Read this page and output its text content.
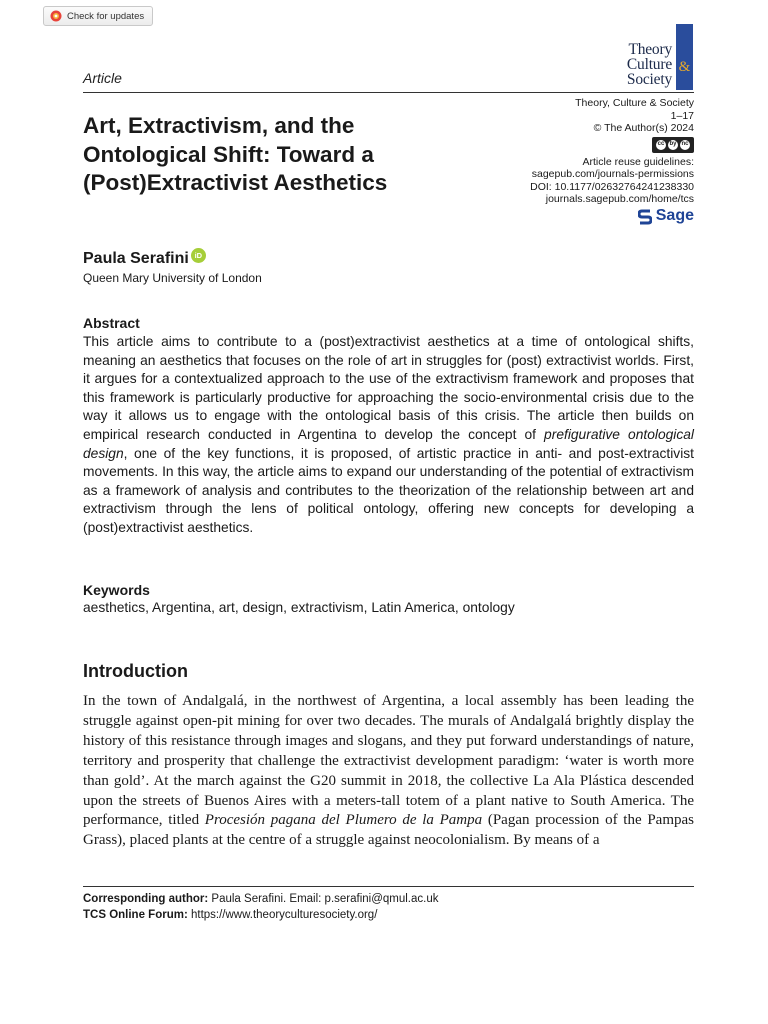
Check for updates
Theory
Culture &
Society
Article
Art, Extractivism, and the Ontological Shift: Toward a (Post)Extractivist Aesthetics
Theory, Culture & Society
1–17
© The Author(s) 2024
cc by nc
Article reuse guidelines:
sagepub.com/journals-permissions
DOI: 10.1177/02632764241238330
journals.sagepub.com/home/tcs
Sage
Paula Serafini iD
Queen Mary University of London
Abstract

This article aims to contribute to a (post)extractivist aesthetics at a time of ontological shifts, meaning an aesthetics that focuses on the role of art in struggles for (post) extractivist worlds. First, it argues for a contextualized approach to the use of the extractivism framework and proposes that this framework is particularly productive for approaching the socio-environmental crisis due to the way it allows us to engage with the ontological basis of this crisis. The article then builds on empirical research conducted in Argentina to develop the concept of prefigurative ontological design, one of the key functions, it is proposed, of artistic practice in anti- and post-extractivist movements. In this way, the article aims to expand our understanding of the potential of extractivism as a framework of analysis and contributes to the theorization of the relationship between art and extractivism through the lens of political ontology, offering new concepts for developing a (post)extractivist aesthetics.

Keywords
aesthetics, Argentina, art, design, extractivism, Latin America, ontology
Introduction

In the town of Andalgalá, in the northwest of Argentina, a local assembly has been leading the struggle against open-pit mining for over two decades. The murals of Andalgalá brightly display the history of this resistance through images and slogans, and they put forward understandings of nature, territory and prosperity that challenge the extractivist development paradigm: ‘water is worth more than gold’. At the march against the G20 summit in 2018, the collective La Ala Plástica descended upon the streets of Buenos Aires with a meters-tall totem of a plant native to South America. The performance, titled Procesión pagana del Plumero de la Pampa (Pagan procession of the Pampas Grass), placed plants at the centre of a struggle against neocolonialism. By means of a

Corresponding author: Paula Serafini. Email: p.serafini@qmul.ac.uk
TCS Online Forum: https://www.theoryculturesociety.org/
